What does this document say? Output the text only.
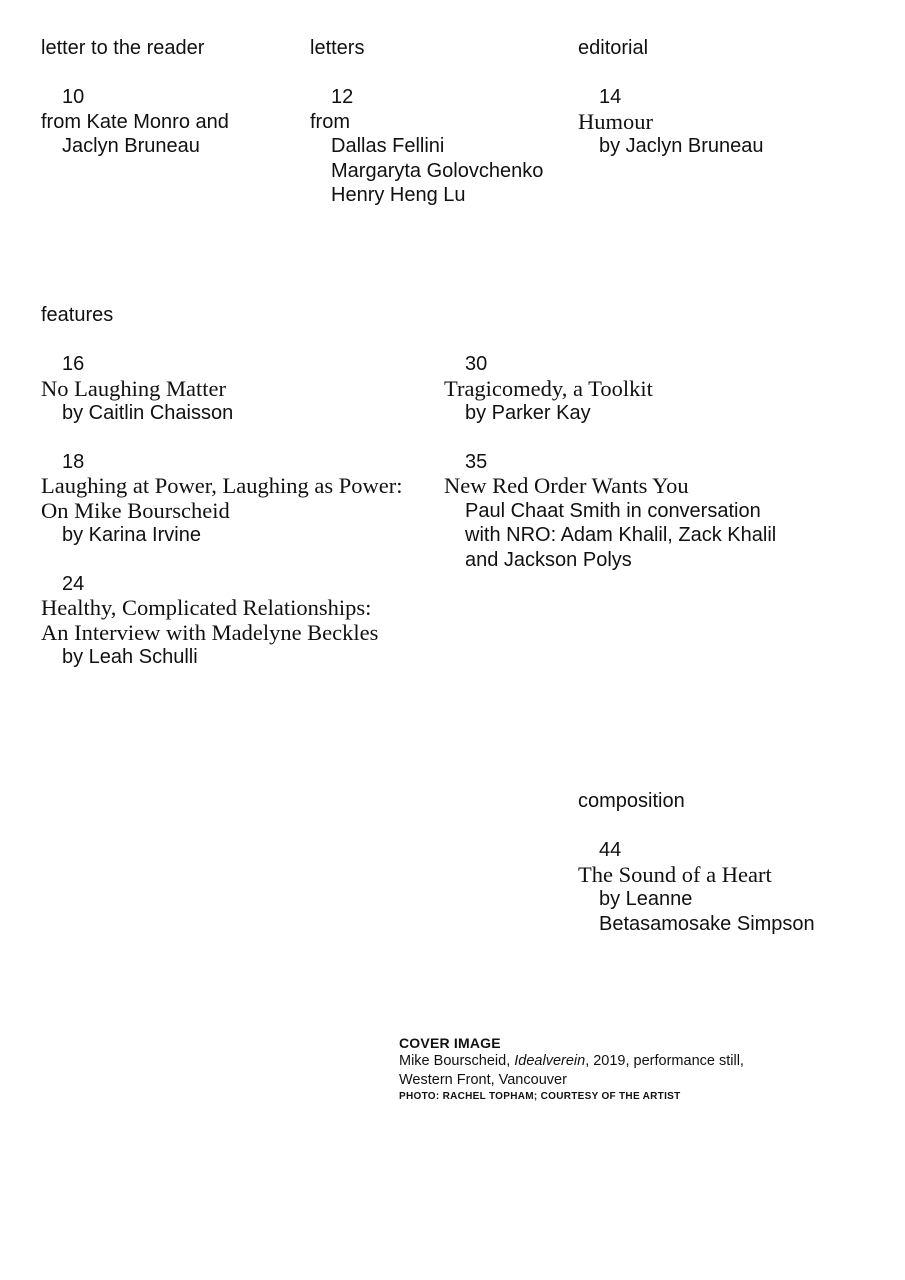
letter to the reader
10
from Kate Monro and
Jaclyn Bruneau
letters
12
from
Dallas Fellini
Margaryta Golovchenko
Henry Heng Lu
editorial
14
Humour
by Jaclyn Bruneau
features
16
No Laughing Matter
by Caitlin Chaisson
18
Laughing at Power, Laughing as Power:
On Mike Bourscheid
by Karina Irvine
24
Healthy, Complicated Relationships:
An Interview with Madelyne Beckles
by Leah Schulli
30
Tragicomedy, a Toolkit
by Parker Kay
35
New Red Order Wants You
Paul Chaat Smith in conversation
with NRO: Adam Khalil, Zack Khalil
and Jackson Polys
composition
44
The Sound of a Heart
by Leanne
Betasamosake Simpson
COVER IMAGE
Mike Bourscheid, Idealverein, 2019, performance still,
Western Front, Vancouver
PHOTO: RACHEL TOPHAM; COURTESY OF THE ARTIST
